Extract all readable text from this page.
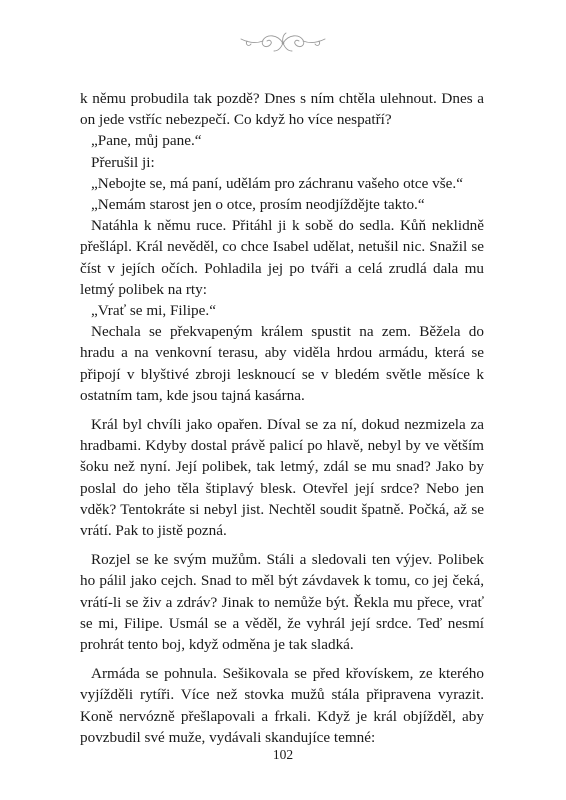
k němu probudila tak pozdě? Dnes s ním chtěla ulehnout. Dnes a on jede vstříc nebezpečí. Co když ho více nespatří?

„Pane, můj pane.“

Přerušil ji:

„Nebojte se, má paní, udělám pro záchranu vašeho otce vše.“

„Nemám starost jen o otce, prosím neodjíždějte takto.“

Natáhla k němu ruce. Přitáhl ji k sobě do sedla. Kůň neklidně přešlápl. Král nevěděl, co chce Isabel udělat, netušil nic. Snažil se číst v jejích očích. Pohladila jej po tváři a celá zrudlá dala mu letmý polibek na rty:

„Vrať se mi, Filipe.“

Nechala se překvapeným králem spustit na zem. Běžela do hradu a na venkovní terasu, aby viděla hrdou armádu, která se připojí v blyštivé zbroji lesknoucí se v bledém světle měsíce k ostatním tam, kde jsou tajná kasárna.

Král byl chvíli jako opařen. Díval se za ní, dokud nezmizela za hradbami. Kdyby dostal právě palicí po hlavě, nebyl by ve větším šoku než nyní. Její polibek, tak letmý, zdál se mu snad? Jako by poslal do jeho těla štiplavý blesk. Otevřel její srdce? Nebo jen vděk? Tentokráte si nebyl jist. Nechtěl soudit špatně. Počká, až se vrátí. Pak to jistě pozná.

Rozjel se ke svým mužům. Stáli a sledovali ten výjev. Polibek ho pálil jako cejch. Snad to měl být závdavek k tomu, co jej čeká, vrátí-li se živ a zdráv? Jinak to nemůže být. Řekla mu přece, vrať se mi, Filipe. Usmál se a věděl, že vyhrál její srdce. Teď nesmí prohrát tento boj, když odměna je tak sladká.

Armáda se pohnula. Sešikovala se před křovískem, ze kterého vyjížděli rytíři. Více než stovka mužů stála připravena vyrazit. Koně nervózně přešlapovali a frkali. Když je král objížděl, aby povzbudil své muže, vydávali skandujíce temné:

102
